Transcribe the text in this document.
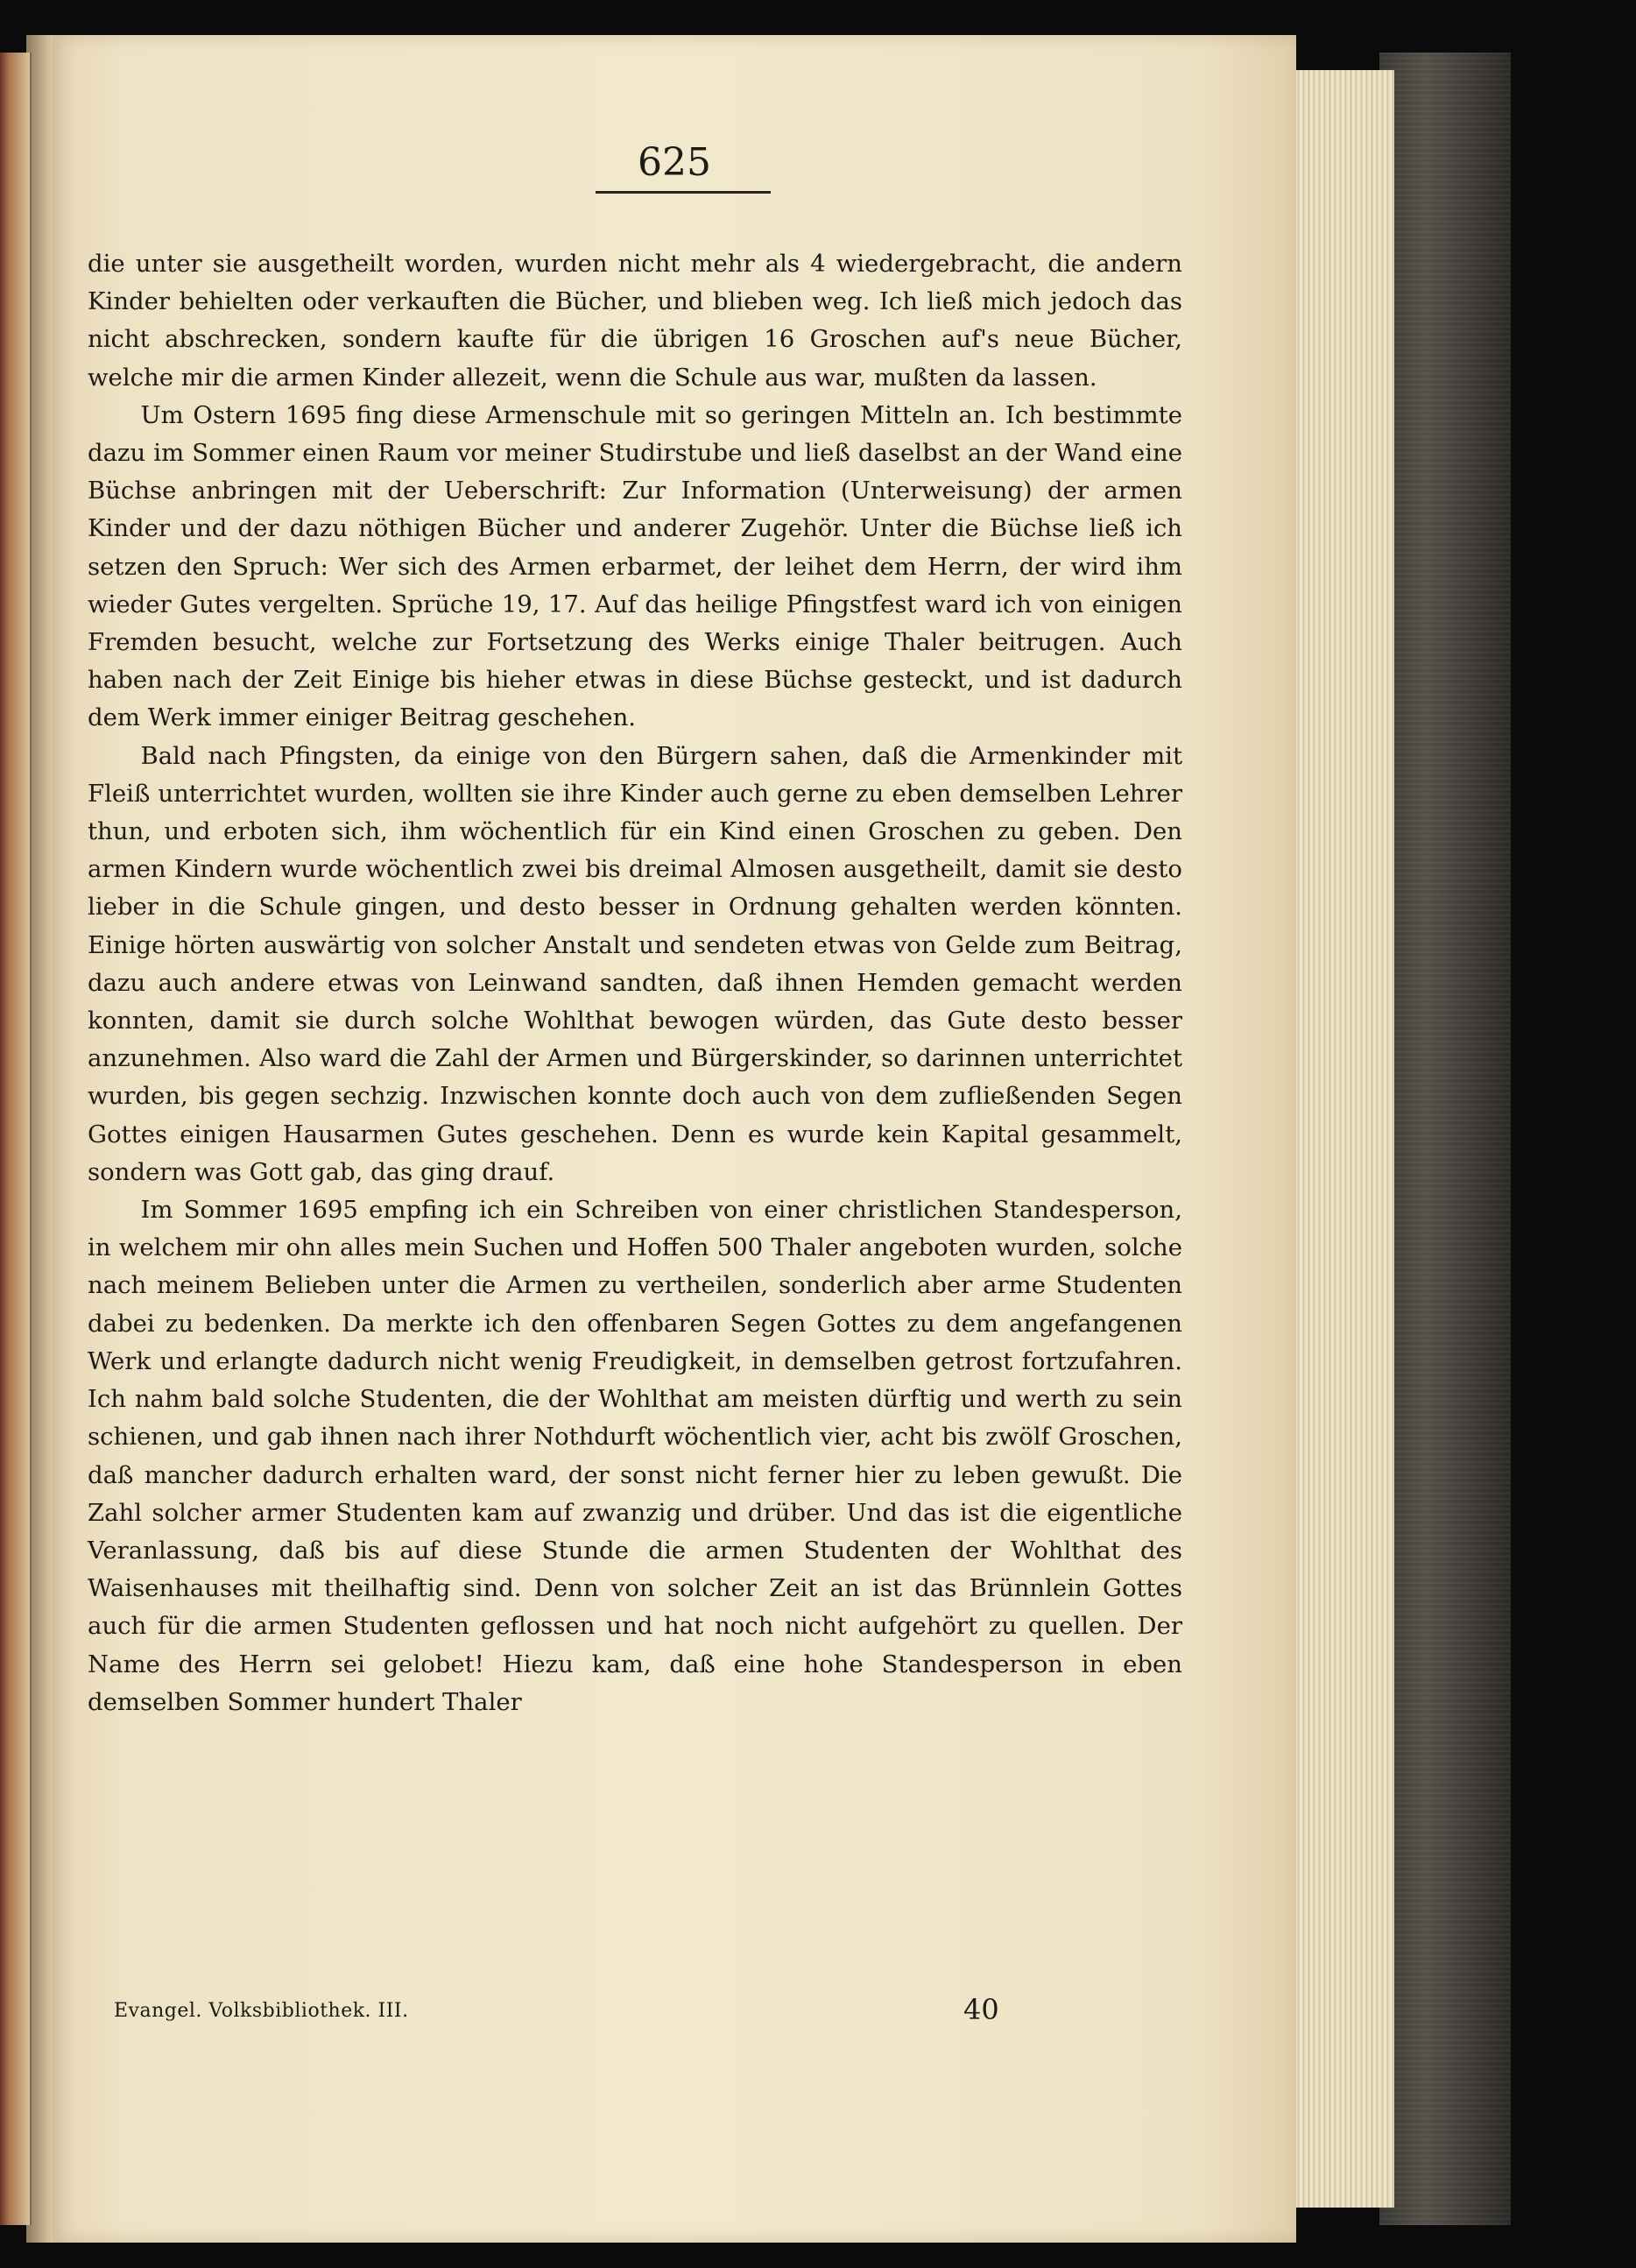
625

die unter sie ausgetheilt worden, wurden nicht mehr als 4 wiedergebracht, die andern Kinder behielten oder verkauften die Bücher, und blieben weg. Ich ließ mich jedoch das nicht abschrecken, sondern kaufte für die übrigen 16 Groschen auf's neue Bücher, welche mir die armen Kinder allezeit, wenn die Schule aus war, mußten da lassen.

Um Ostern 1695 fing diese Armenschule mit so geringen Mitteln an. Ich bestimmte dazu im Sommer einen Raum vor meiner Studirstube und ließ daselbst an der Wand eine Büchse anbringen mit der Ueberschrift: Zur Information (Unterweisung) der armen Kinder und der dazu nöthigen Bücher und anderer Zugehör. Unter die Büchse ließ ich setzen den Spruch: Wer sich des Armen erbarmet, der leihet dem Herrn, der wird ihm wieder Gutes vergelten. Sprüche 19, 17. Auf das heilige Pfingstfest ward ich von einigen Fremden besucht, welche zur Fortsetzung des Werks einige Thaler beitrugen. Auch haben nach der Zeit Einige bis hieher etwas in diese Büchse gesteckt, und ist dadurch dem Werk immer einiger Beitrag geschehen.

Bald nach Pfingsten, da einige von den Bürgern sahen, daß die Armenkinder mit Fleiß unterrichtet wurden, wollten sie ihre Kinder auch gerne zu eben demselben Lehrer thun, und erboten sich, ihm wöchentlich für ein Kind einen Groschen zu geben. Den armen Kindern wurde wöchentlich zwei bis dreimal Almosen ausgetheilt, damit sie desto lieber in die Schule gingen, und desto besser in Ordnung gehalten werden könnten. Einige hörten auswärtig von solcher Anstalt und sendeten etwas von Gelde zum Beitrag, dazu auch andere etwas von Leinwand sandten, daß ihnen Hemden gemacht werden konnten, damit sie durch solche Wohlthat bewogen würden, das Gute desto besser anzunehmen. Also ward die Zahl der Armen und Bürgerskinder, so darinnen unterrichtet wurden, bis gegen sechzig. Inzwischen konnte doch auch von dem zufließenden Segen Gottes einigen Hausarmen Gutes geschehen. Denn es wurde kein Kapital gesammelt, sondern was Gott gab, das ging drauf.

Im Sommer 1695 empfing ich ein Schreiben von einer christlichen Standesperson, in welchem mir ohn alles mein Suchen und Hoffen 500 Thaler angeboten wurden, solche nach meinem Belieben unter die Armen zu vertheilen, sonderlich aber arme Studenten dabei zu bedenken. Da merkte ich den offenbaren Segen Gottes zu dem angefangenen Werk und erlangte dadurch nicht wenig Freudigkeit, in demselben getrost fortzufahren. Ich nahm bald solche Studenten, die der Wohlthat am meisten dürftig und werth zu sein schienen, und gab ihnen nach ihrer Nothdurft wöchentlich vier, acht bis zwölf Groschen, daß mancher dadurch erhalten ward, der sonst nicht ferner hier zu leben gewußt. Die Zahl solcher armer Studenten kam auf zwanzig und drüber. Und das ist die eigentliche Veranlassung, daß bis auf diese Stunde die armen Studenten der Wohlthat des Waisenhauses mit theilhaftig sind. Denn von solcher Zeit an ist das Brünnlein Gottes auch für die armen Studenten geflossen und hat noch nicht aufgehört zu quellen. Der Name des Herrn sei gelobet! Hiezu kam, daß eine hohe Standesperson in eben demselben Sommer hundert Thaler

Evangel. Volksbibliothek. III.	40
